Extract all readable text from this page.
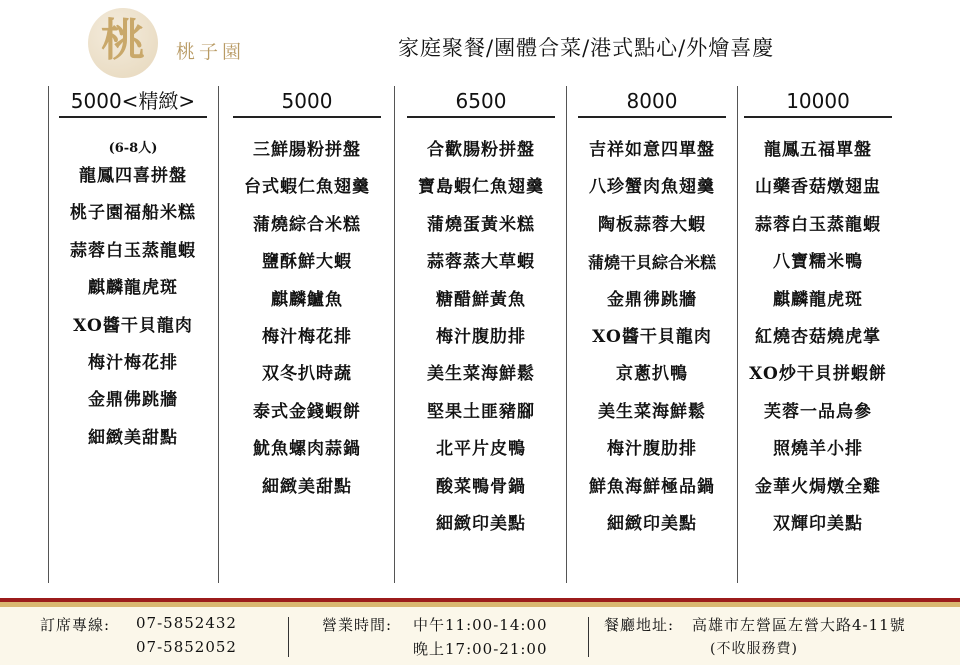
桃 桃子園	家庭聚餐/團體合菜/港式點心/外燴喜慶
5000<精緻>
(6-8人)
龍鳳四喜拼盤
桃子園福船米糕
蒜蓉白玉蒸龍蝦
麒麟龍虎斑
XO醬干貝龍肉
梅汁梅花排
金鼎佛跳牆
細緻美甜點
5000
三鮮腸粉拼盤
台式蝦仁魚翅羹
蒲燒綜合米糕
鹽酥鮮大蝦
麒麟鱸魚
梅汁梅花排
双冬扒時蔬
泰式金錢蝦餅
魷魚螺肉蒜鍋
細緻美甜點
6500
合歡腸粉拼盤
寶島蝦仁魚翅羹
蒲燒蛋黃米糕
蒜蓉蒸大草蝦
糖醋鮮黃魚
梅汁腹肋排
美生菜海鮮鬆
堅果土匪豬腳
北平片皮鴨
酸菜鴨骨鍋
細緻印美點
8000
吉祥如意四單盤
八珍蟹肉魚翅羹
陶板蒜蓉大蝦
蒲燒干貝綜合米糕
金鼎彿跳牆
XO醬干貝龍肉
京蔥扒鴨
美生菜海鮮鬆
梅汁腹肋排
鮮魚海鮮極品鍋
細緻印美點
10000
龍鳳五福單盤
山藥香菇燉翅盅
蒜蓉白玉蒸龍蝦
八寶糯米鴨
麒麟龍虎斑
紅燒杏菇燒虎掌
XO炒干貝拼蝦餅
芙蓉一品烏參
照燒羊小排
金華火焗燉全雞
双輝印美點
訂席專線: 07-5852432
07-5852052
營業時間: 中午11:00-14:00
晚上17:00-21:00
餐廳地址: 高雄市左營區左營大路4-11號
(不收服務費)
